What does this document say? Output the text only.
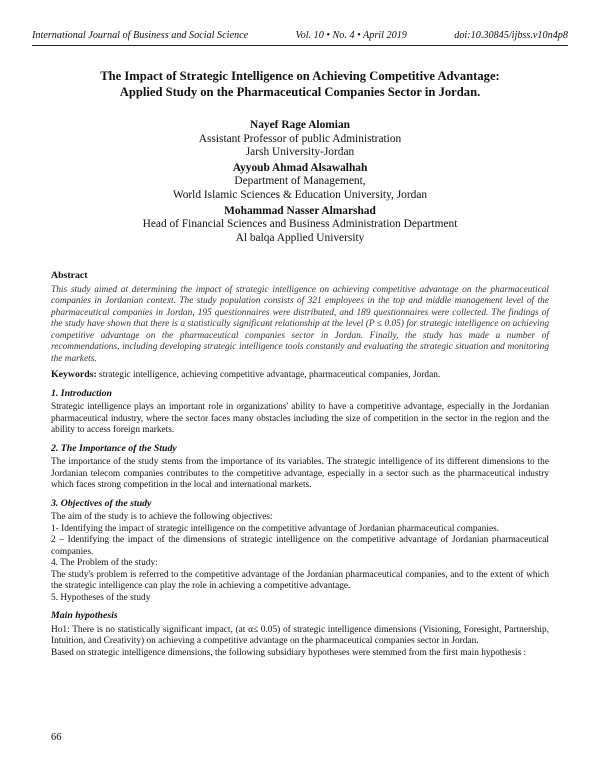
International Journal of Business and Social Science	Vol. 10 • No. 4 • April 2019	doi:10.30845/ijbss.v10n4p8
The Impact of Strategic Intelligence on Achieving Competitive Advantage:
Applied Study on the Pharmaceutical Companies Sector in Jordan.
Nayef Rage Alomian
Assistant Professor of public Administration
Jarsh University-Jordan
Ayyoub Ahmad Alsawalhah
Department of Management,
World Islamic Sciences & Education University, Jordan
Mohammad Nasser Almarshad
Head of Financial Sciences and Business Administration Department
Al balqa Applied University
Abstract

This study aimed at determining the impact of strategic intelligence on achieving competitive advantage on the pharmaceutical companies in Jordanian context. The study population consists of 321 employees in the top and middle management level of the pharmaceutical companies in Jordan, 195 questionnaires were distributed, and 189 questionnaires were collected. The findings of the study have shown that there is a statistically significant relationship at the level (P ≤ 0.05) for strategic intelligence on achieving competitive advantage on the pharmaceutical companies sector in Jordan. Finally, the study has made a number of recommendations, including developing strategic intelligence tools constantly and evaluating the strategic situation and monitoring the markets.

Keywords: strategic intelligence, achieving competitive advantage, pharmaceutical companies, Jordan.

1. Introduction

Strategic intelligence plays an important role in organizations' ability to have a competitive advantage, especially in the Jordanian pharmaceutical industry, where the sector faces many obstacles including the size of competition in the sector in the region and the ability to access foreign markets.

2. The Importance of the Study

The importance of the study stems from the importance of its variables. The strategic intelligence of its different dimensions to the Jordanian telecom companies contributes to the competitive advantage, especially in a sector such as the pharmaceutical industry which faces strong competition in the local and international markets.

3. Objectives of the study

The aim of the study is to achieve the following objectives:

1- Identifying the impact of strategic intelligence on the competitive advantage of Jordanian pharmaceutical companies.

2 – Identifying the impact of the dimensions of strategic intelligence on the competitive advantage of Jordanian pharmaceutical companies.

4. The Problem of the study:

The study's problem is referred to the competitive advantage of the Jordanian pharmaceutical companies, and to the extent of which the strategic intelligence can play the role in achieving a competitive advantage.

5. Hypotheses of the study

Main hypothesis

Ho1: There is no statistically significant impact, (at α≤ 0.05) of strategic intelligence dimensions (Visioning, Foresight, Partnership, Intuition, and Creativity) on achieving a competitive advantage on the pharmaceutical companies sector in Jordan.

Based on strategic intelligence dimensions, the following subsidiary hypotheses were stemmed from the first main hypothesis :

66
